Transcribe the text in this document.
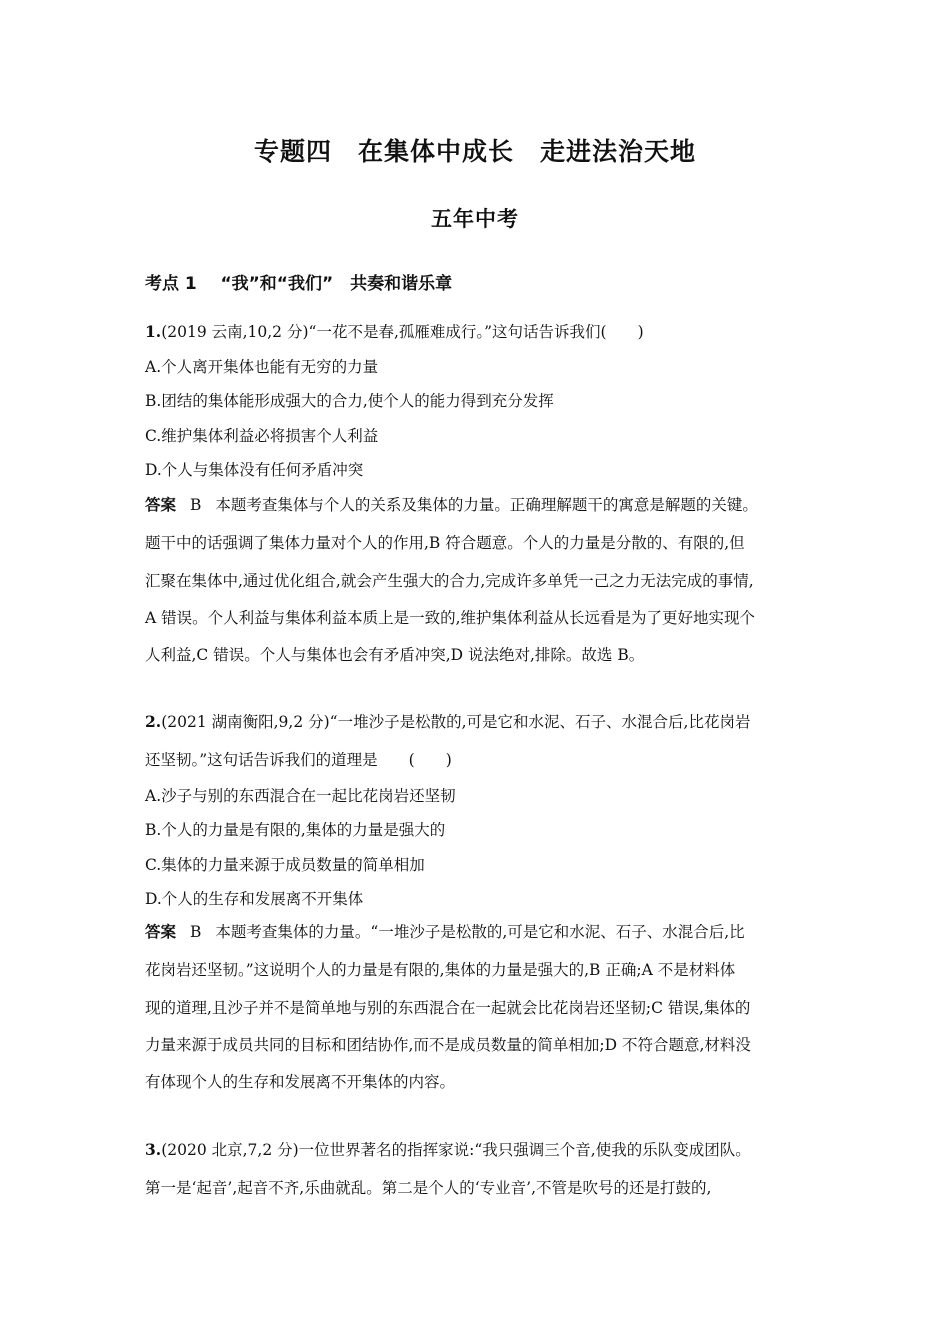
专题四　在集体中成长　走进法治天地
五年中考
考点 1 “我”和“我们”　共奏和谐乐章
1.(2019 云南,10,2 分)“一花不是春,孤雁难成行。”这句话告诉我们(　　)
A.个人离开集体也能有无穷的力量
B.团结的集体能形成强大的合力,使个人的能力得到充分发挥
C.维护集体利益必将损害个人利益
D.个人与集体没有任何矛盾冲突
答案 B 本题考查集体与个人的关系及集体的力量。正确理解题干的寓意是解题的关键。
题干中的话强调了集体力量对个人的作用,B 符合题意。个人的力量是分散的、有限的,但
汇聚在集体中,通过优化组合,就会产生强大的合力,完成许多单凭一己之力无法完成的事情,
A 错误。个人利益与集体利益本质上是一致的,维护集体利益从长远看是为了更好地实现个
人利益,C 错误。个人与集体也会有矛盾冲突,D 说法绝对,排除。故选 B。
2.(2021 湖南衡阳,9,2 分)“一堆沙子是松散的,可是它和水泥、石子、水混合后,比花岗岩
还坚韧。”这句话告诉我们的道理是　　(　　)
A.沙子与别的东西混合在一起比花岗岩还坚韧
B.个人的力量是有限的,集体的力量是强大的
C.集体的力量来源于成员数量的简单相加
D.个人的生存和发展离不开集体
答案 B 本题考查集体的力量。“一堆沙子是松散的,可是它和水泥、石子、水混合后,比
花岗岩还坚韧。”这说明个人的力量是有限的,集体的力量是强大的,B 正确;A 不是材料体
现的道理,且沙子并不是简单地与别的东西混合在一起就会比花岗岩还坚韧;C 错误,集体的
力量来源于成员共同的目标和团结协作,而不是成员数量的简单相加;D 不符合题意,材料没
有体现个人的生存和发展离不开集体的内容。
3.(2020 北京,7,2 分)一位世界著名的指挥家说:“我只强调三个音,使我的乐队变成团队。
第一是‘起音’,起音不齐,乐曲就乱。第二是个人的‘专业音’,不管是吹号的还是打鼓的,
